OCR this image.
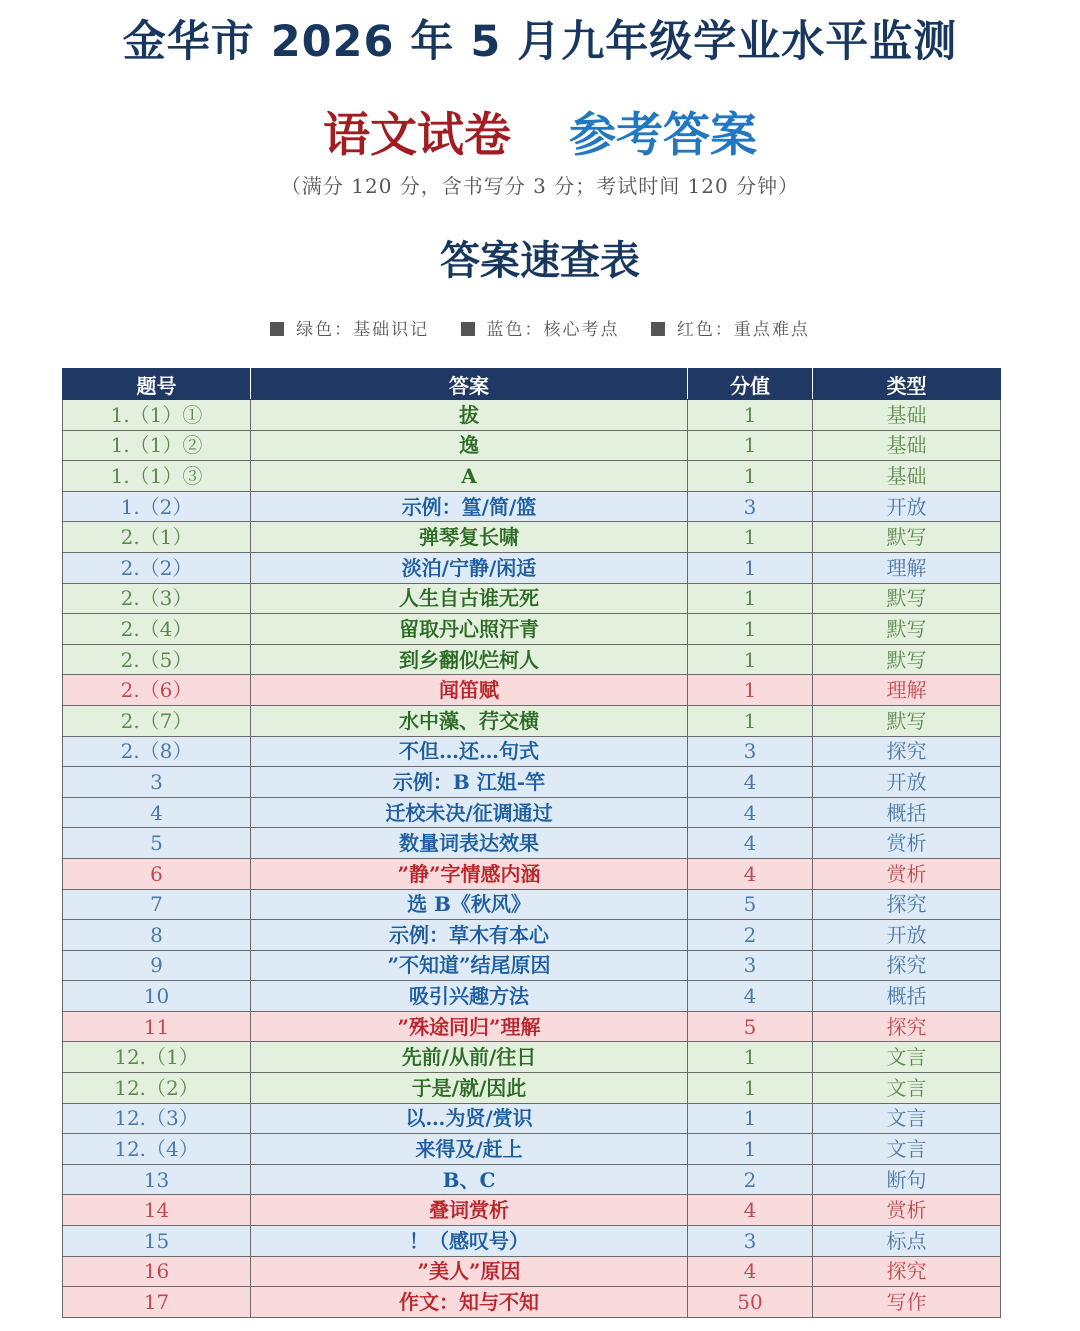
金华市 2026 年 5 月九年级学业水平监测
语文试卷 参考答案
（满分 120 分，含书写分 3 分；考试时间 120 分钟）
答案速查表
绿色：基础识记	蓝色：核心考点	红色：重点难点
题号	答案	分值	类型
1.（1）①	拔	1	基础
1.（1）②	逸	1	基础
1.（1）③	A	1	基础
1.（2）	示例：篁/简/篮	3	开放
2.（1）	弹琴复长啸	1	默写
2.（2）	淡泊/宁静/闲适	1	理解
2.（3）	人生自古谁无死	1	默写
2.（4）	留取丹心照汗青	1	默写
2.（5）	到乡翻似烂柯人	1	默写
2.（6）	闻笛赋	1	理解
2.（7）	水中藻、荇交横	1	默写
2.（8）	不但…还…句式	3	探究
3	示例：B 江姐-竿	4	开放
4	迁校未决/征调通过	4	概括
5	数量词表达效果	4	赏析
6	”静”字情感内涵	4	赏析
7	选 B《秋风》	5	探究
8	示例：草木有本心	2	开放
9	”不知道”结尾原因	3	探究
10	吸引兴趣方法	4	概括
11	”殊途同归”理解	5	探究
12.（1）	先前/从前/往日	1	文言
12.（2）	于是/就/因此	1	文言
12.（3）	以…为贤/赏识	1	文言
12.（4）	来得及/赶上	1	文言
13	B、C	2	断句
14	叠词赏析	4	赏析
15	！（感叹号）	3	标点
16	”美人”原因	4	探究
17	作文：知与不知	50	写作
